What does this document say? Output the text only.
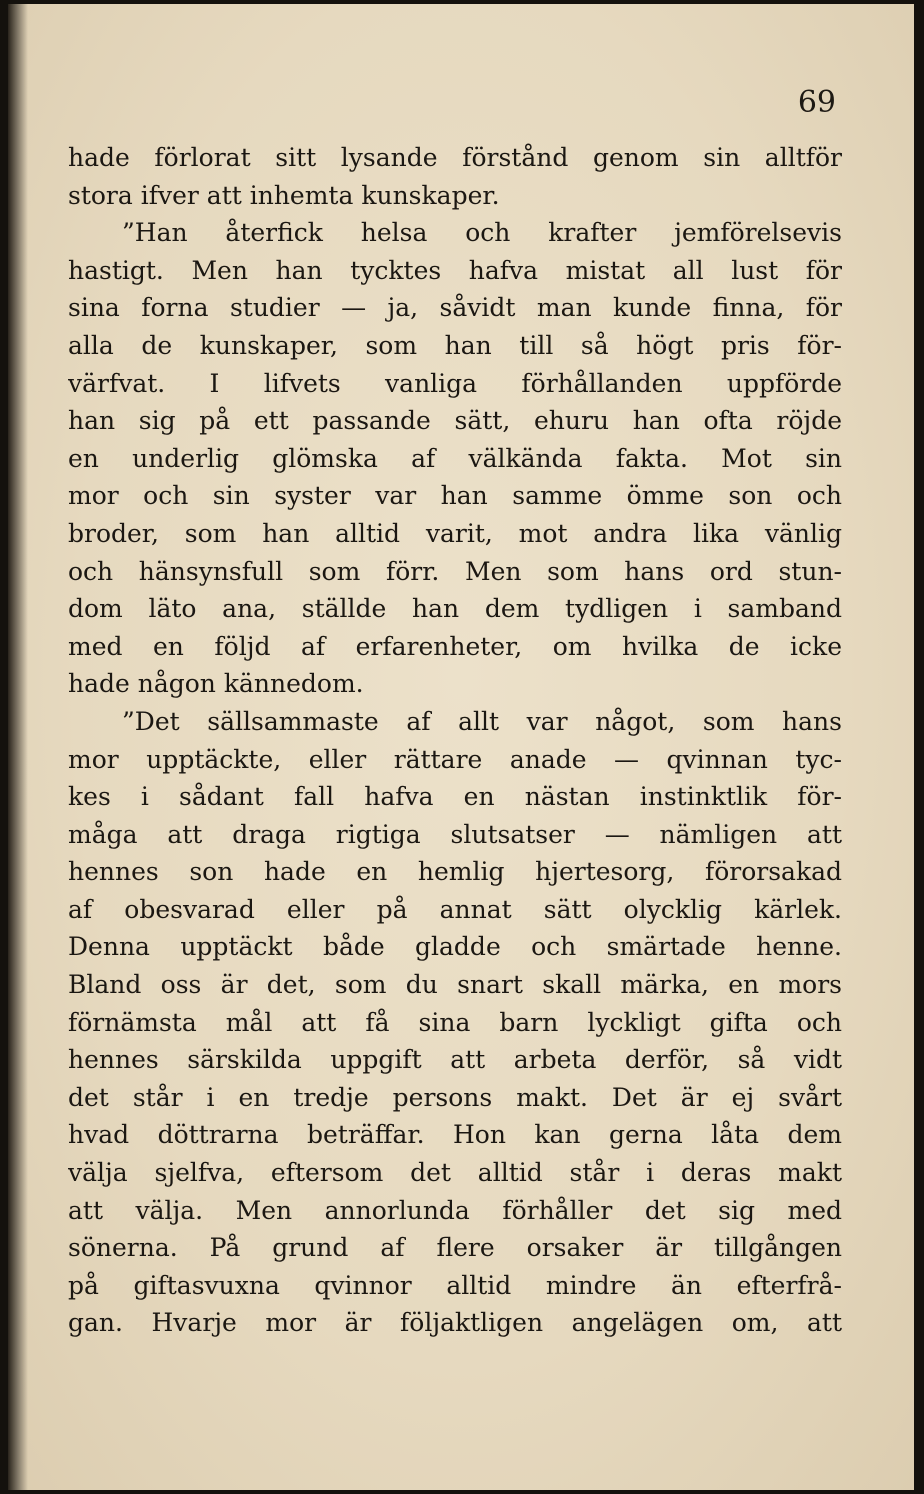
69
hade förlorat sitt lysande förstånd genom sin alltför
stora ifver att inhemta kunskaper.
”Han återfick helsa och krafter jemförelsevis
hastigt. Men han tycktes hafva mistat all lust för
sina forna studier — ja, såvidt man kunde finna, för
alla de kunskaper, som han till så högt pris för-
värfvat. I lifvets vanliga förhållanden uppförde
han sig på ett passande sätt, ehuru han ofta röjde
en underlig glömska af välkända fakta. Mot sin
mor och sin syster var han samme ömme son och
broder, som han alltid varit, mot andra lika vänlig
och hänsynsfull som förr. Men som hans ord stun-
dom läto ana, ställde han dem tydligen i samband
med en följd af erfarenheter, om hvilka de icke
hade någon kännedom.
”Det sällsammaste af allt var något, som hans
mor upptäckte, eller rättare anade — qvinnan tyc-
kes i sådant fall hafva en nästan instinktlik för-
måga att draga rigtiga slutsatser — nämligen att
hennes son hade en hemlig hjertesorg, förorsakad
af obesvarad eller på annat sätt olycklig kärlek.
Denna upptäckt både gladde och smärtade henne.
Bland oss är det, som du snart skall märka, en mors
förnämsta mål att få sina barn lyckligt gifta och
hennes särskilda uppgift att arbeta derför, så vidt
det står i en tredje persons makt. Det är ej svårt
hvad döttrarna beträffar. Hon kan gerna låta dem
välja sjelfva, eftersom det alltid står i deras makt
att välja. Men annorlunda förhåller det sig med
sönerna. På grund af flere orsaker är tillgången
på giftasvuxna qvinnor alltid mindre än efterfrå-
gan. Hvarje mor är följaktligen angelägen om, att
